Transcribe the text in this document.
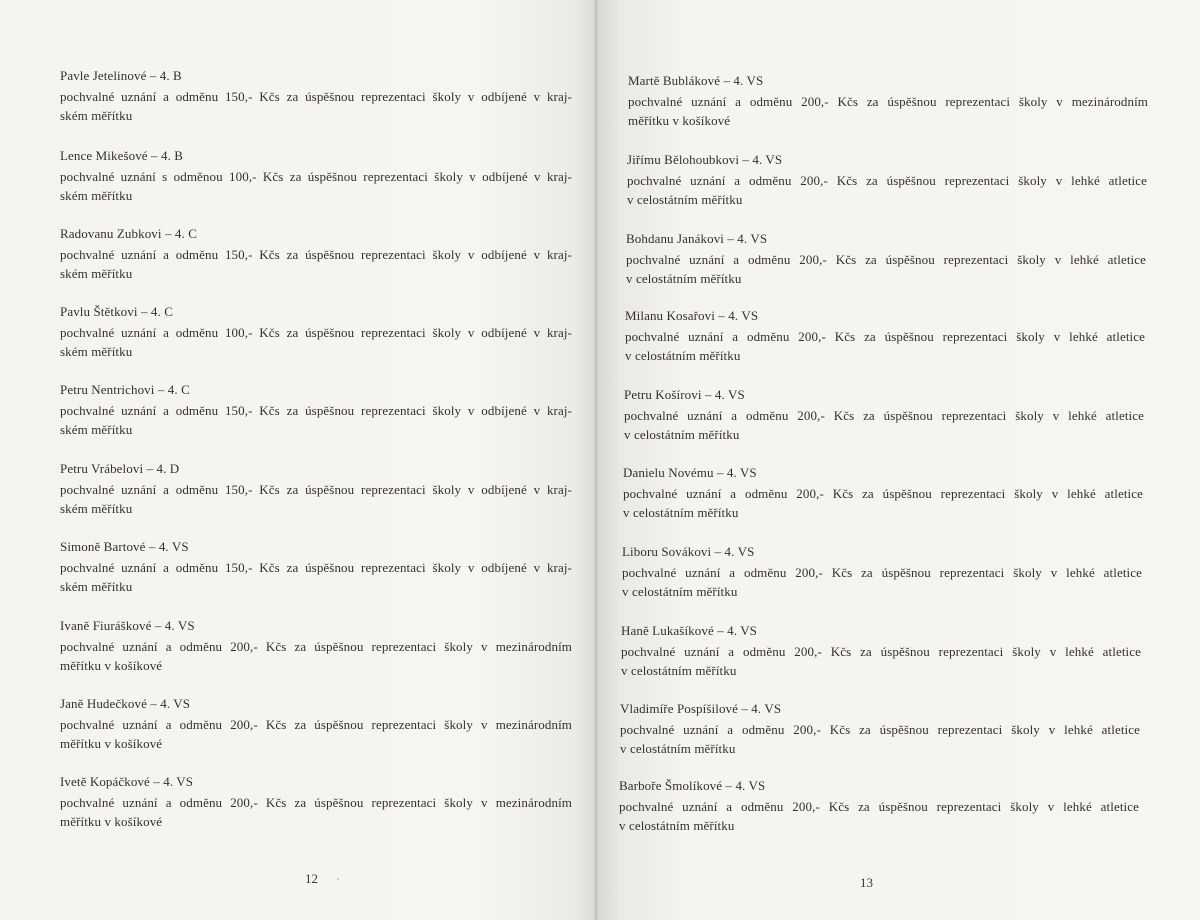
Pavle Jetelinové – 4. B
pochvalné uznání a odměnu 150,- Kčs za úspěšnou reprezentaci školy v odbíjené v kraj-
ském měřítku
Lence Mikešové – 4. B
pochvalné uznání s odměnou 100,- Kčs za úspěšnou reprezentaci školy v odbíjené v kraj-
ském měřítku
Radovanu Zubkovi – 4. C
pochvalné uznání a odměnu 150,- Kčs za úspěšnou reprezentaci školy v odbíjené v kraj-
ském měřítku
Pavlu Štětkovi – 4. C
pochvalné uznání a odměnu 100,- Kčs za úspěšnou reprezentaci školy v odbíjené v kraj-
ském měřítku
Petru Nentrichovi – 4. C
pochvalné uznání a odměnu 150,- Kčs za úspěšnou reprezentaci školy v odbíjené v kraj-
ském měřítku
Petru Vrábelovi – 4. D
pochvalné uznání a odměnu 150,- Kčs za úspěšnou reprezentaci školy v odbíjené v kraj-
ském měřítku
Simoně Bartové – 4. VS
pochvalné uznání a odměnu 150,- Kčs za úspěšnou reprezentaci školy v odbíjené v kraj-
ském měřítku
Ivaně Fiuráškové – 4. VS
pochvalné uznání a odměnu 200,- Kčs za úspěšnou reprezentaci školy v mezinárodním
měřítku v košíkové
Janě Hudečkové – 4. VS
pochvalné uznání a odměnu 200,- Kčs za úspěšnou reprezentaci školy v mezinárodním
měřítku v košíkové
Ivetě Kopáčkové – 4. VS
pochvalné uznání a odměnu 200,- Kčs za úspěšnou reprezentaci školy v mezinárodním
měřítku v košíkové
12
Martě Bublákové – 4. VS
pochvalné uznání a odměnu 200,- Kčs za úspěšnou reprezentaci školy v mezinárodním
měřítku v košíkové
Jiřímu Bělohoubkovi – 4. VS
pochvalné uznání a odměnu 200,- Kčs za úspěšnou reprezentaci školy v lehké atletice
v celostátním měřítku
Bohdanu Janákovi – 4. VS
pochvalné uznání a odměnu 200,- Kčs za úspěšnou reprezentaci školy v lehké atletice
v celostátním měřítku
Milanu Kosařovi – 4. VS
pochvalné uznání a odměnu 200,- Kčs za úspěšnou reprezentaci školy v lehké atletice
v celostátním měřítku
Petru Košírovi – 4. VS
pochvalné uznání a odměnu 200,- Kčs za úspěšnou reprezentaci školy v lehké atletice
v celostátním měřítku
Danielu Novému – 4. VS
pochvalné uznání a odměnu 200,- Kčs za úspěšnou reprezentaci školy v lehké atletice
v celostátním měřítku
Liboru Sovákovi – 4. VS
pochvalné uznání a odměnu 200,- Kčs za úspěšnou reprezentaci školy v lehké atletice
v celostátním měřítku
Haně Lukašíkové – 4. VS
pochvalné uznání a odměnu 200,- Kčs za úspěšnou reprezentaci školy v lehké atletice
v celostátním měřítku
Vladimíře Pospíšilové – 4. VS
pochvalné uznání a odměnu 200,- Kčs za úspěšnou reprezentaci školy v lehké atletice
v celostátním měřítku
Barboře Šmolíkové – 4. VS
pochvalné uznání a odměnu 200,- Kčs za úspěšnou reprezentaci školy v lehké atletice
v celostátním měřítku
13
